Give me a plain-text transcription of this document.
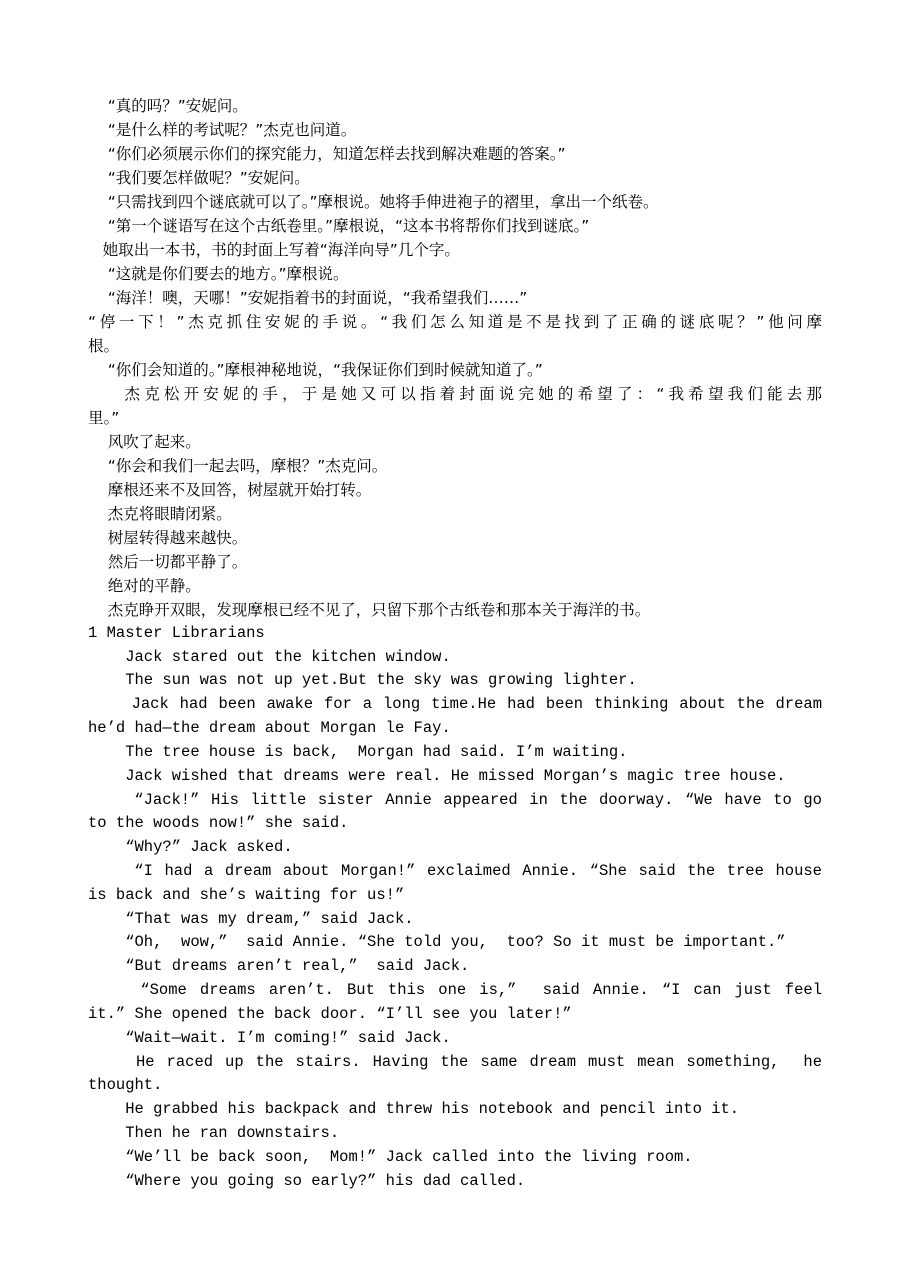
“真的吗？”安妮问。
“是什么样的考试呢？”杰克也问道。
“你们必须展示你们的探究能力，知道怎样去找到解决难题的答案。”
“我们要怎样做呢？”安妮问。
“只需找到四个谜底就可以了。”摩根说。她将手伸进袍子的褶里，拿出一个纸卷。
“第一个谜语写在这个古纸卷里。”摩根说，“这本书将帮你们找到谜底。”
她取出一本书，书的封面上写着“海洋向导”几个字。
“这就是你们要去的地方。”摩根说。
“海洋！噢，天哪！”安妮指着书的封面说，“我希望我们……”
“停一下！”杰克抓住安妮的手说。“我们怎么知道是不是找到了正确的谜底呢？”他问摩
根。
“你们会知道的。”摩根神秘地说，“我保证你们到时候就知道了。”
杰克松开安妮的手，于是她又可以指着封面说完她的希望了：“我希望我们能去那
里。”
风吹了起来。
“你会和我们一起去吗，摩根？”杰克问。
摩根还来不及回答，树屋就开始打转。
杰克将眼睛闭紧。
树屋转得越来越快。
然后一切都平静了。
绝对的平静。
杰克睁开双眼，发现摩根已经不见了，只留下那个古纸卷和那本关于海洋的书。
1 Master Librarians
Jack stared out the kitchen window.
The sun was not up yet.But the sky was growing lighter.
Jack had been awake for a long time.He had been thinking about the dream
he’d had—the dream about Morgan le Fay.
The tree house is back,  Morgan had said. I’m waiting.
Jack wished that dreams were real. He missed Morgan’s magic tree house.
“Jack!” His little sister Annie appeared in the doorway. “We have to go
to the woods now!” she said.
“Why?” Jack asked.
“I had a dream about Morgan!” exclaimed Annie. “She said the tree house
is back and she’s waiting for us!”
“That was my dream,” said Jack.
“Oh,  wow,”  said Annie. “She told you,  too? So it must be important.”
“But dreams aren’t real,”  said Jack.
“Some dreams aren’t. But this one is,”  said Annie. “I can just feel
it.” She opened the back door. “I’ll see you later!”
“Wait—wait. I’m coming!” said Jack.
He raced up the stairs. Having the same dream must mean something,  he
thought.
He grabbed his backpack and threw his notebook and pencil into it.
Then he ran downstairs.
“We’ll be back soon,  Mom!” Jack called into the living room.
“Where you going so early?” his dad called.
